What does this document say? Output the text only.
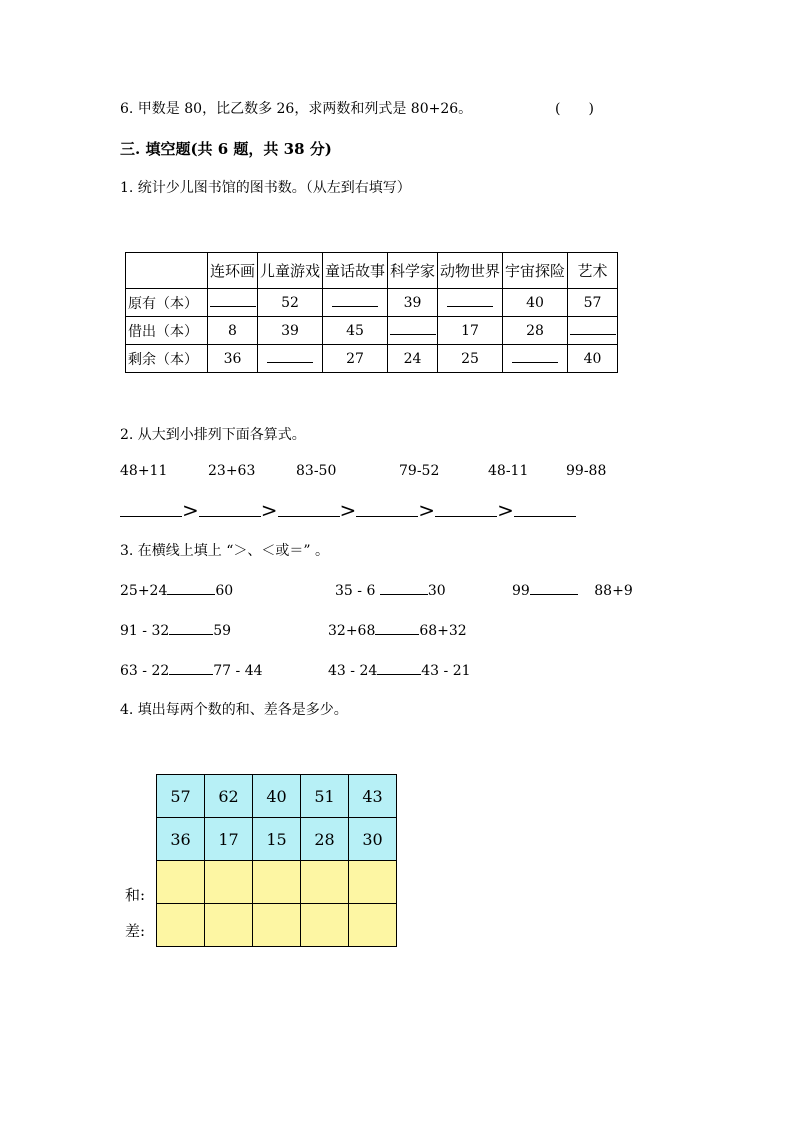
6. 甲数是 80，比乙数多 26，求两数和列式是 80+26。	(　　)
三. 填空题(共 6 题，共 38 分)
1. 统计少儿图书馆的图书数。（从左到右填写）
	连环画	儿童游戏	童话故事	科学家	动物世界	宇宙探险	艺术
原有（本）		52		39		40	57
借出（本）	8	39	45		17	28	
剩余（本）	36		27	24	25		40
2. 从大到小排列下面各算式。
48+11	23+63	83-50	79-52	48-11	99-88
>	>	>	>	>
3. 在横线上填上 “＞、＜或＝” 。
25+24	60	35 - 6	30	99	88+9
91 - 32	59	32+68	68+32
63 - 22	77 - 44	43 - 24	43 - 21
4. 填出每两个数的和、差各是多少。
57	62	40	51	43
36	17	15	28	30

和:
差:
